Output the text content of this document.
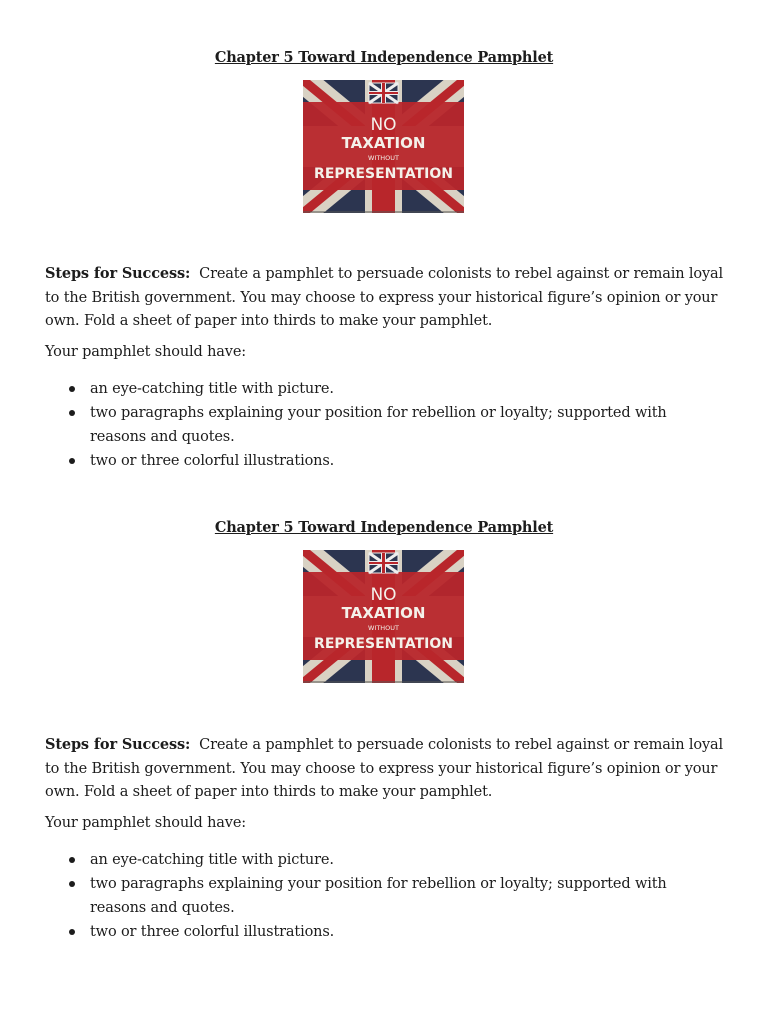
Chapter 5 Toward Independence Pamphlet
NO
TAXATION
WITHOUT
REPRESENTATION
Steps for Success: Create a pamphlet to persuade colonists to rebel against or remain loyal to the British government. You may choose to express your historical figure’s opinion or your own. Fold a sheet of paper into thirds to make your pamphlet.
Your pamphlet should have:
an eye-catching title with picture.
two paragraphs explaining your position for rebellion or loyalty; supported with reasons and quotes.
two or three colorful illustrations.
Chapter 5 Toward Independence Pamphlet
NO
TAXATION
WITHOUT
REPRESENTATION
Steps for Success: Create a pamphlet to persuade colonists to rebel against or remain loyal to the British government. You may choose to express your historical figure’s opinion or your own. Fold a sheet of paper into thirds to make your pamphlet.
Your pamphlet should have:
an eye-catching title with picture.
two paragraphs explaining your position for rebellion or loyalty; supported with reasons and quotes.
two or three colorful illustrations.
